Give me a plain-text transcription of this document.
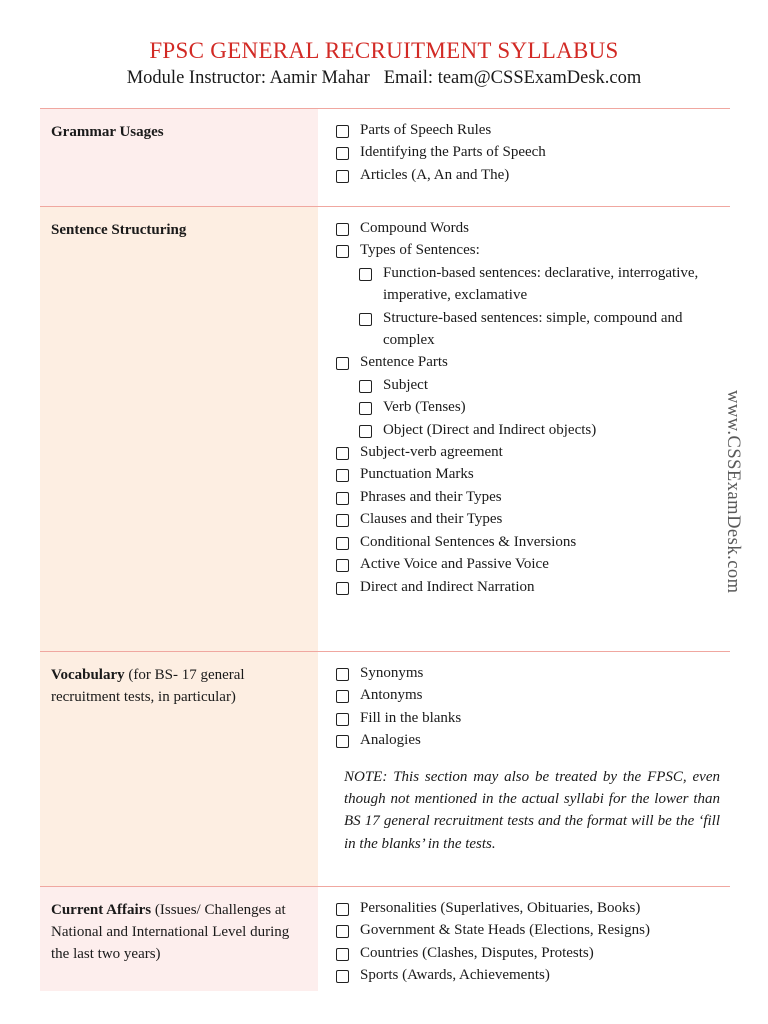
FPSC GENERAL RECRUITMENT SYLLABUS
Module Instructor: Aamir Mahar Email: team@CSSExamDesk.com
Grammar Usages	Parts of Speech Rules
Identifying the Parts of Speech
Articles (A, An and The)
Sentence Structuring	Compound Words
Types of Sentences:
Function-based sentences: declarative, interrogative, imperative, exclamative
Structure-based sentences: simple, compound and complex
Sentence Parts
Subject
Verb (Tenses)
Object (Direct and Indirect objects)
Subject-verb agreement
Punctuation Marks
Phrases and their Types
Clauses and their Types
Conditional Sentences & Inversions
Active Voice and Passive Voice
Direct and Indirect Narration
Vocabulary (for BS- 17 general recruitment tests, in particular)
Synonyms
Antonyms
Fill in the blanks
Analogies
NOTE: This section may also be treated by the FPSC, even though not mentioned in the actual syllabi for the lower than BS 17 general recruitment tests and the format will be the ‘fill in the blanks’ in the tests.
Current Affairs (Issues/ Challenges at National and International Level during the last two years)
Personalities (Superlatives, Obituaries, Books)
Government & State Heads (Elections, Resigns)
Countries (Clashes, Disputes, Protests)
Sports (Awards, Achievements)
www.CSSExamDesk.com
